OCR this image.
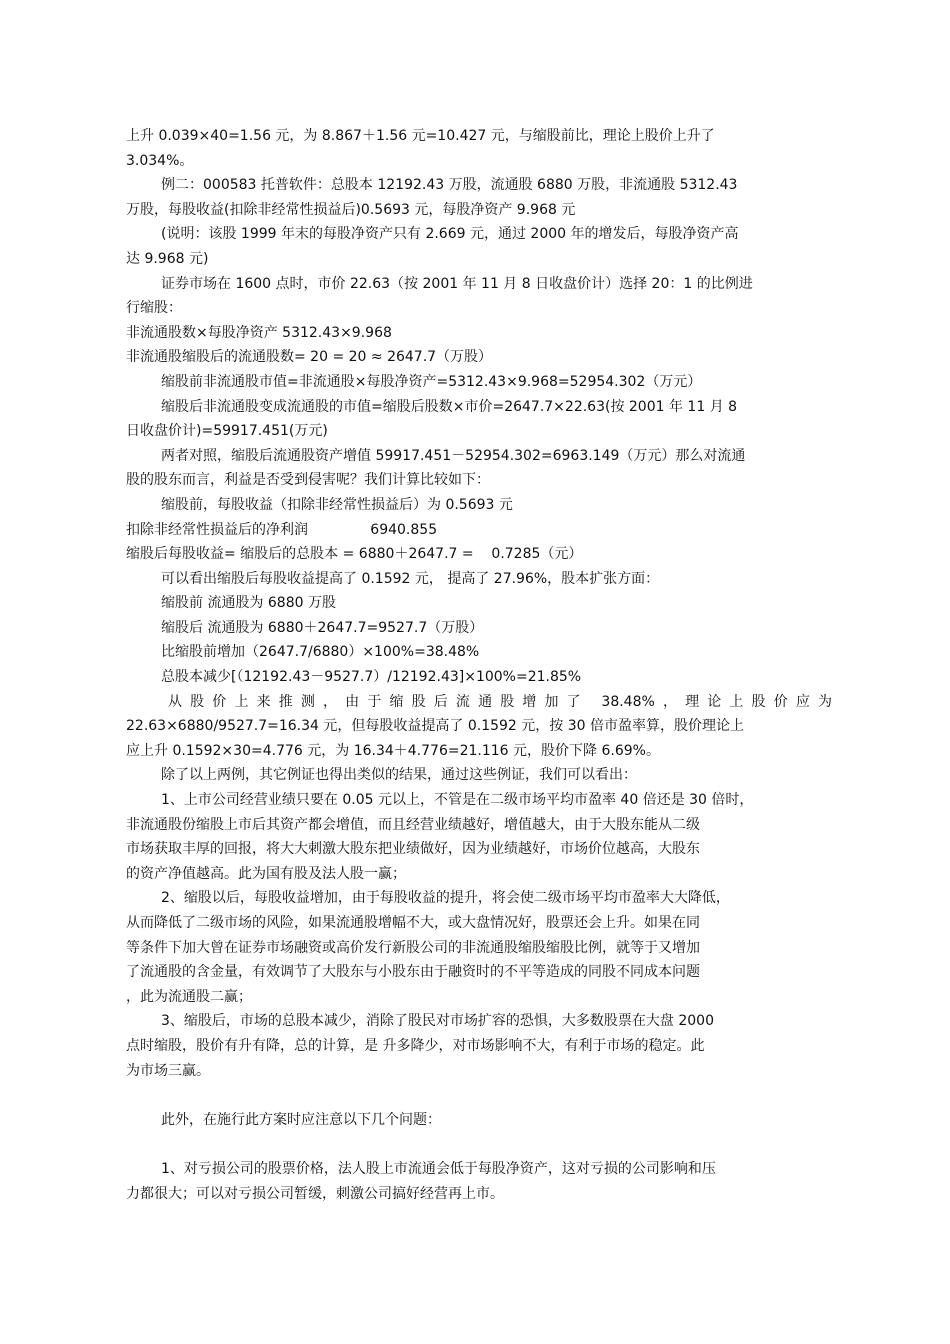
上升 0.039×40=1.56 元，为 8.867＋1.56 元=10.427 元，与缩股前比，理论上股价上升了
3.034%。
例二：000583 托普软件：总股本 12192.43 万股，流通股 6880 万股，非流通股 5312.43
万股，每股收益(扣除非经常性损益后)0.5693 元，每股净资产 9.968 元
(说明：该股 1999 年末的每股净资产只有 2.669 元，通过 2000 年的增发后，每股净资产高
达 9.968 元)
证券市场在 1600 点时，市价 22.63（按 2001 年 11 月 8 日收盘价计）选择 20：1 的比例进
行缩股：
非流通股数×每股净资产 5312.43×9.968
非流通股缩股后的流通股数= 20 = 20 ≈ 2647.7（万股）
缩股前非流通股市值=非流通股×每股净资产=5312.43×9.968=52954.302（万元）
缩股后非流通股变成流通股的市值=缩股后股数×市价=2647.7×22.63(按 2001 年 11 月 8
日收盘价计)=59917.451(万元)
两者对照，缩股后流通股资产增值 59917.451－52954.302=6963.149（万元）那么对流通
股的股东而言，利益是否受到侵害呢？我们计算比较如下：
缩股前，每股收益（扣除非经常性损益后）为 0.5693 元
扣除非经常性损益后的净利润              6940.855
缩股后每股收益= 缩股后的总股本 = 6880＋2647.7 =    0.7285（元）
可以看出缩股后每股收益提高了 0.1592 元， 提高了 27.96%，股本扩张方面：
缩股前 流通股为 6880 万股
缩股后 流通股为 6880＋2647.7=9527.7（万股）
比缩股前增加（2647.7/6880）×100%=38.48%
总股本减少[（12192.43－9527.7）/12192.43]×100%=21.85%
从股价上来推测，由于缩股后流通股增加了 38.48%，理论上股价应为
22.63×6880/9527.7=16.34 元，但每股收益提高了 0.1592 元，按 30 倍市盈率算，股价理论上
应上升 0.1592×30=4.776 元，为 16.34＋4.776=21.116 元，股价下降 6.69%。
除了以上两例，其它例证也得出类似的结果，通过这些例证，我们可以看出：
1、上市公司经营业绩只要在 0.05 元以上，不管是在二级市场平均市盈率 40 倍还是 30 倍时，
非流通股份缩股上市后其资产都会增值，而且经营业绩越好，增值越大，由于大股东能从二级
市场获取丰厚的回报，将大大刺激大股东把业绩做好，因为业绩越好，市场价位越高，大股东
的资产净值越高。此为国有股及法人股一赢；
2、缩股以后，每股收益增加，由于每股收益的提升，将会使二级市场平均市盈率大大降低，
从而降低了二级市场的风险，如果流通股增幅不大，或大盘情况好，股票还会上升。如果在同
等条件下加大曾在证券市场融资或高价发行新股公司的非流通股缩股缩股比例，就等于又增加
了流通股的含金量，有效调节了大股东与小股东由于融资时的不平等造成的同股不同成本问题
，此为流通股二赢；
3、缩股后，市场的总股本减少，消除了股民对市场扩容的恐惧，大多数股票在大盘 2000
点时缩股，股价有升有降，总的计算，是 升多降少，对市场影响不大，有利于市场的稳定。此
为市场三赢。
此外，在施行此方案时应注意以下几个问题：
1、对亏损公司的股票价格，法人股上市流通会低于每股净资产，这对亏损的公司影响和压
力都很大；可以对亏损公司暂缓，刺激公司搞好经营再上市。
